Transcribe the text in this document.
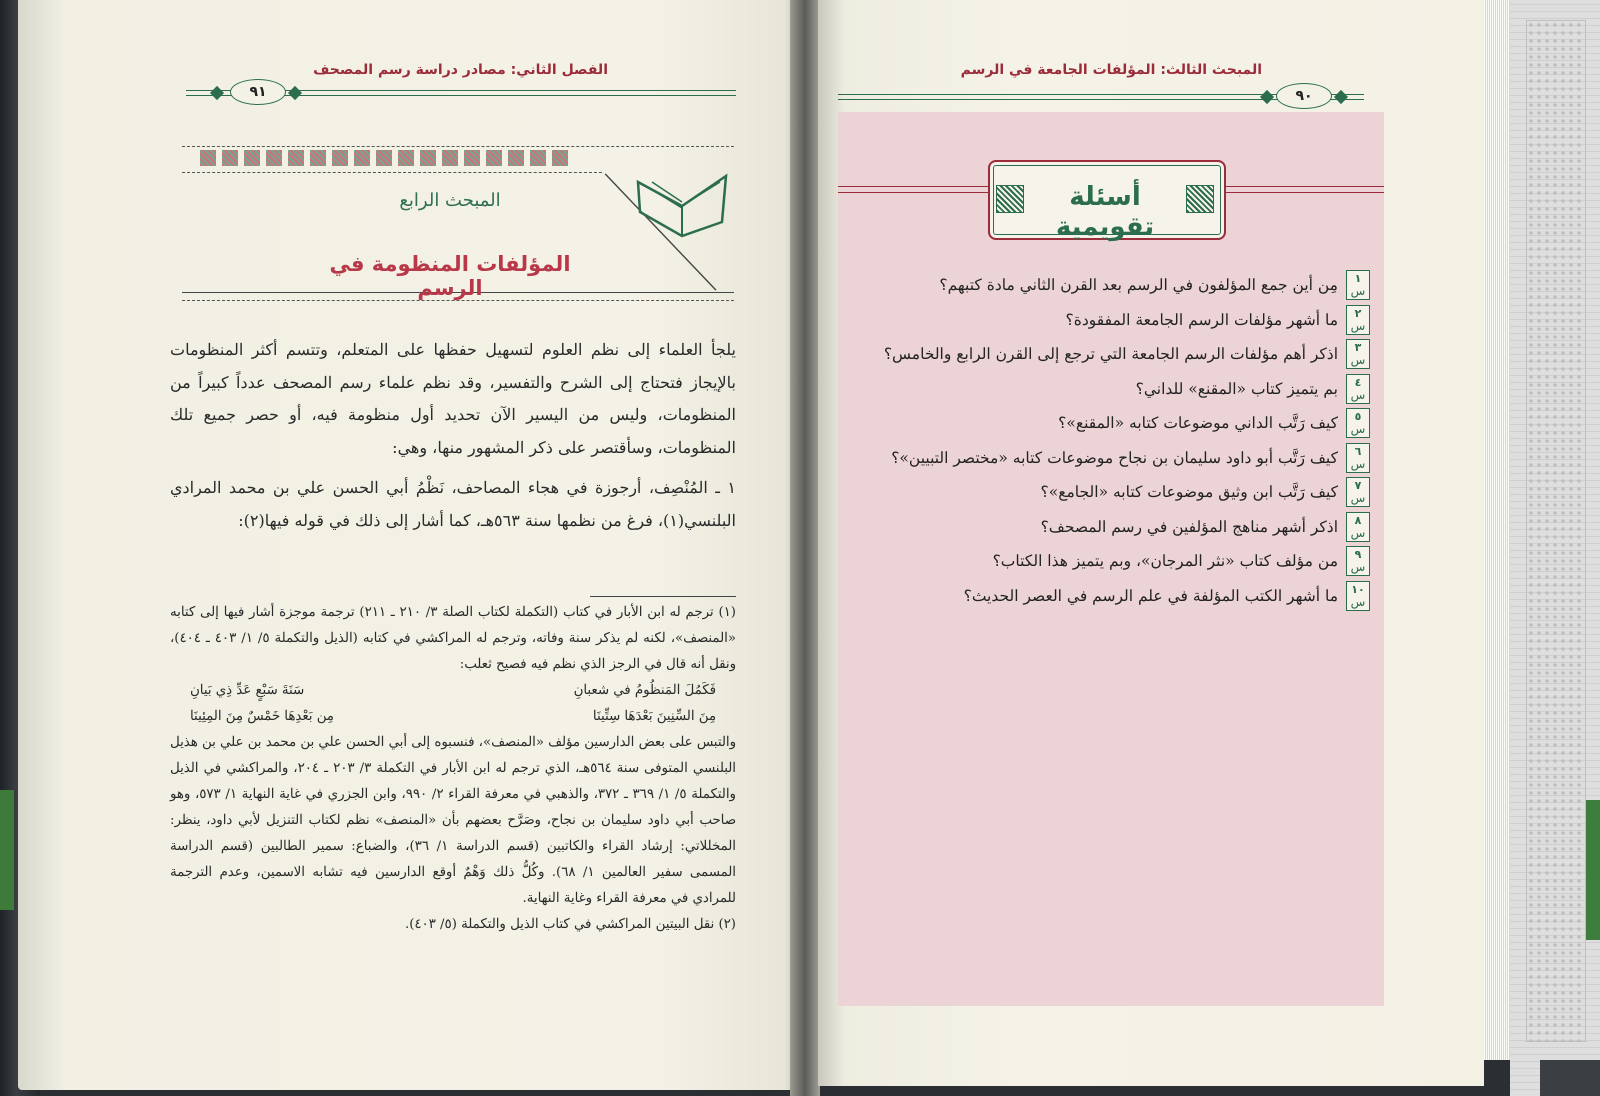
الفصل الثاني: مصادر دراسة رسم المصحف
٩١
المبحث الرابع
المؤلفات المنظومة في الرسم
يلجأ العلماء إلى نظم العلوم لتسهيل حفظها على المتعلم، وتتسم أكثر المنظومات بالإيجاز فتحتاج إلى الشرح والتفسير، وقد نظم علماء رسم المصحف عدداً كبيراً من المنظومات، وليس من اليسير الآن تحديد أول منظومة فيه، أو حصر جميع تلك المنظومات، وسأقتصر على ذكر المشهور منها، وهي:
١ ـ المُنْصِف، أرجوزة في هجاء المصاحف، نَظْمُ أبي الحسن علي بن محمد المرادي البلنسي(١)، فرغ من نظمها سنة ٥٦٣هـ، كما أشار إلى ذلك في قوله فيها(٢):
(١) ترجم له ابن الأبار في كتاب (التكملة لكتاب الصلة ٣/ ٢١٠ ـ ٢١١) ترجمة موجزة أشار فيها إلى كتابه «المنصف»، لكنه لم يذكر سنة وفاته، وترجم له المراكشي في كتابه (الذيل والتكملة ٥/ ١/ ٤٠٣ ـ ٤٠٤)، ونقل أنه قال في الرجز الذي نظم فيه فصيح ثعلب:
فَكَمُلَ المَنظُومُ في شعبانِ
سَنَةَ سَبْعٍ عَدِّ ذِي بَيانِ
مِنَ السِّنِينَ بَعْدَهَا سِتِّينَا
مِن بَعْدِهَا خَمْسٌ مِنَ المِئِينَا
والتبس على بعض الدارسين مؤلف «المنصف»، فنسبوه إلى أبي الحسن علي بن محمد بن علي بن هذيل البلنسي المتوفى سنة ٥٦٤هـ، الذي ترجم له ابن الأبار في التكملة ٣/ ٢٠٣ ـ ٢٠٤، والمراكشي في الذيل والتكملة ٥/ ١/ ٣٦٩ ـ ٣٧٢، والذهبي في معرفة القراء ٢/ ٩٩٠، وابن الجزري في غاية النهاية ١/ ٥٧٣، وهو صاحب أبي داود سليمان بن نجاح، وصَرَّح بعضهم بأن «المنصف» نظم لكتاب التنزيل لأبي داود، ينظر: المخللاتي: إرشاد القراء والكاتبين (قسم الدراسة ١/ ٣٦)، والضباع: سمير الطالبين (قسم الدراسة المسمى سفير العالمين ١/ ٦٨). وكُلُّ ذلك وَهْمٌ أوقع الدارسين فيه تشابه الاسمين، وعدم الترجمة للمرادي في معرفة القراء وغاية النهاية.
(٢) نقل البيتين المراكشي في كتاب الذيل والتكملة (٥/ ٤٠٣).
المبحث الثالث: المؤلفات الجامعة في الرسم
٩٠
أسئلة تقويمية
١
س
مِن أين جمع المؤلفون في الرسم بعد القرن الثاني مادة كتبهم؟
٢
س
ما أشهر مؤلفات الرسم الجامعة المفقودة؟
٣
س
اذكر أهم مؤلفات الرسم الجامعة التي ترجع إلى القرن الرابع والخامس؟
٤
س
بم يتميز كتاب «المقنع» للداني؟
٥
س
كيف رَتَّب الداني موضوعات كتابه «المقنع»؟
٦
س
كيف رَتَّب أبو داود سليمان بن نجاح موضوعات كتابه «مختصر التبيين»؟
٧
س
كيف رَتَّب ابن وثيق موضوعات كتابه «الجامع»؟
٨
س
اذكر أشهر مناهج المؤلفين في رسم المصحف؟
٩
س
من مؤلف كتاب «نثر المرجان»، وبم يتميز هذا الكتاب؟
١٠
س
ما أشهر الكتب المؤلفة في علم الرسم في العصر الحديث؟
